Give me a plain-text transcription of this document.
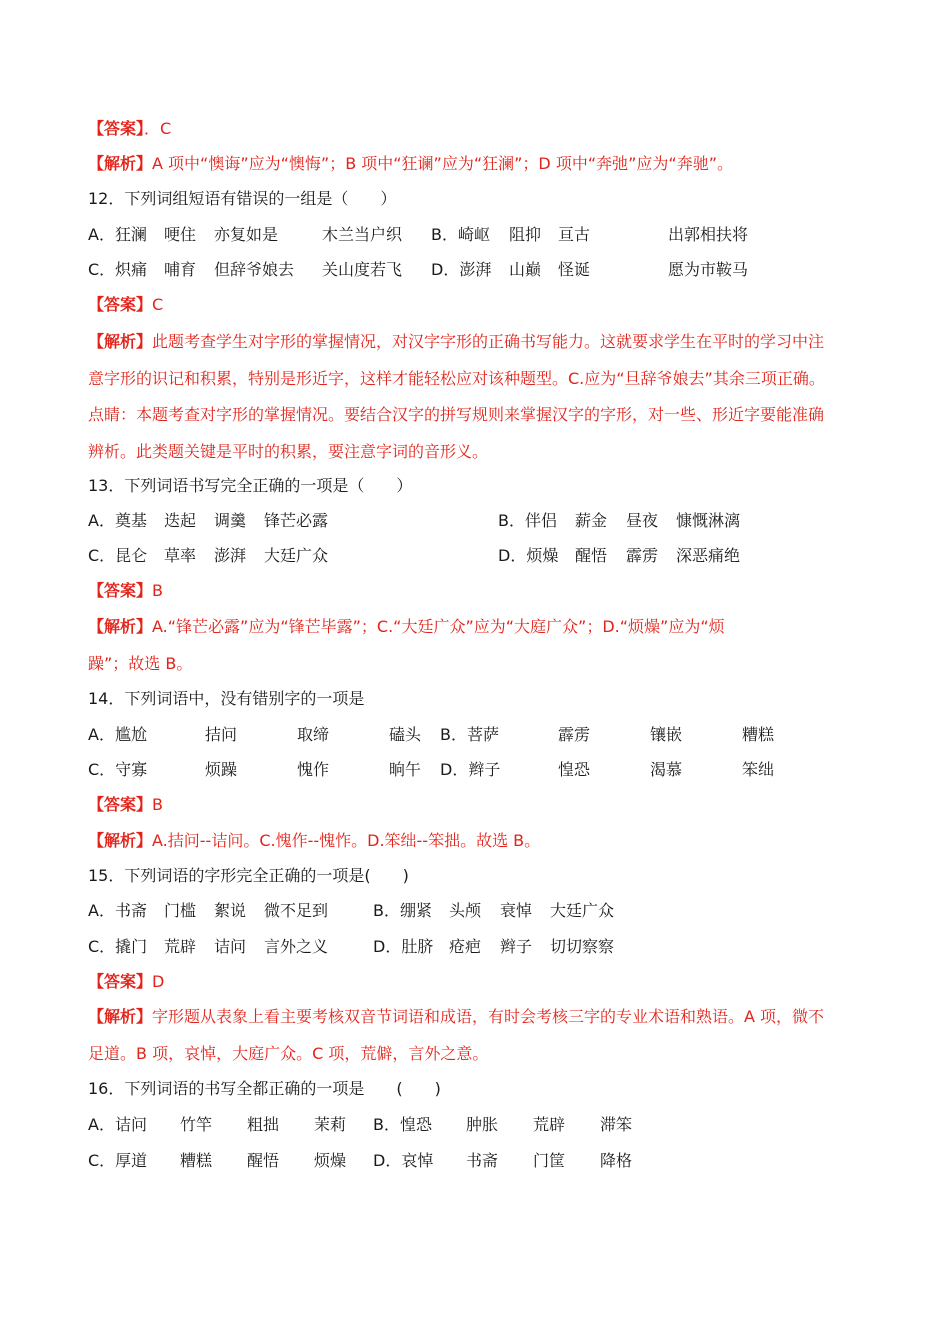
【答案】．C
【解析】A 项中“懊诲”应为“懊悔”；B 项中“狂谰”应为“狂澜”；D 项中“奔弛”应为“奔驰”。
12．下列词组短语有错误的一组是（　　）
A．狂澜 哽住 亦复如是	木兰当户织 B．崎岖 阻抑 亘古	出郭相扶将
C．炽痛 哺育 但辞爷娘去 关山度若飞 D．澎湃 山巅 怪诞	愿为市鞍马
【答案】C
【解析】此题考查学生对字形的掌握情况，对汉字字形的正确书写能力。这就要求学生在平时的学习中注
意字形的识记和积累，特别是形近字，这样才能轻松应对该种题型。C.应为“旦辞爷娘去”其余三项正确。
点睛：本题考查对字形的掌握情况。要结合汉字的拼写规则来掌握汉字的字形，对一些、形近字要能准确
辨析。此类题关键是平时的积累，要注意字词的音形义。
13．下列词语书写完全正确的一项是（　　）
A．奠基 迭起 调羹 锋芒必露	B．伴侣 薪金 昼夜 慷慨淋漓
C．昆仑 草率 澎湃 大廷广众	D．烦燥 醒悟 霹雳 深恶痛绝
【答案】B
【解析】A.“锋芒必露”应为“锋芒毕露”；C.“大廷广众”应为“大庭广众”；D.“烦燥”应为“烦
躁”；故选 B。
14．下列词语中，没有错别字的一项是
A．尴尬	拮问	取缔	磕头 B．菩萨	霹雳	镶嵌	糟糕
C．守寡	烦躁	愧作	晌午 D．辫子	惶恐	渴慕	笨绌
【答案】B
【解析】A.拮问--诘问。C.愧作--愧怍。D.笨绌--笨拙。故选 B。
15．下列词语的字形完全正确的一项是(　　)
A．书斋 门槛 絮说 微不足到	B．绷紧 头颅 衰悼 大廷广众
C．撬门 荒辟 诘问 言外之义	D．肚脐 疮疤 辫子 切切察察
【答案】D
【解析】字形题从表象上看主要考核双音节词语和成语，有时会考核三字的专业术语和熟语。A 项，微不
足道。B 项，哀悼，大庭广众。C 项，荒僻，言外之意。
16．下列词语的书写全都正确的一项是　　(　　)
A．诘问 竹竿 粗拙 茉莉 B．惶恐 肿胀 荒辟 滞笨
C．厚道 糟糕 醒悟 烦燥 D．哀悼 书斋 门筐 降格
